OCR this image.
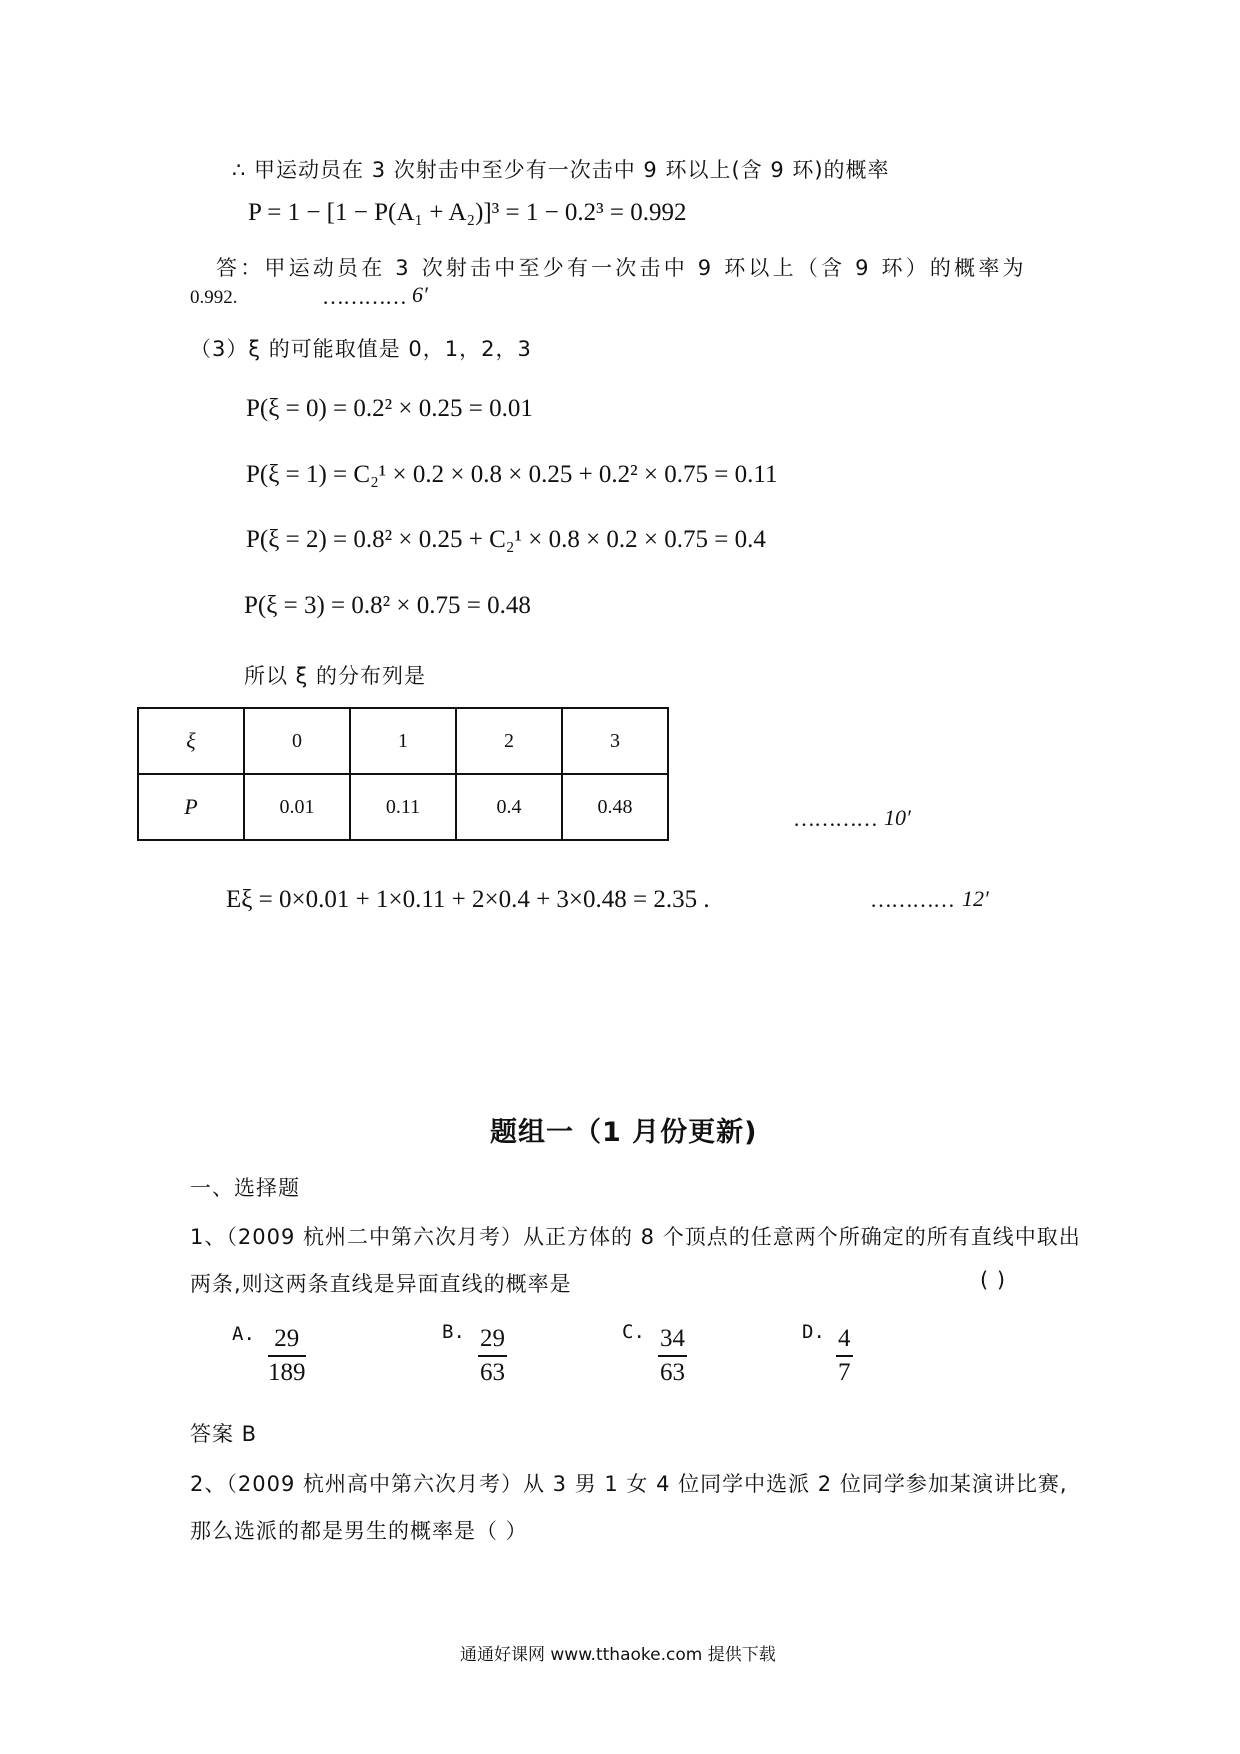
∴ 甲运动员在 3 次射击中至少有一次击中 9 环以上(含 9 环)的概率
P = 1 − [1 − P(A₁ + A₂)]³ = 1 − 0.2³ = 0.992
答：甲运动员在 3 次射击中至少有一次击中 9 环以上（含 9 环）的概率为
0.992.	………… 6′
（3）ξ 的可能取值是 0，1，2，3
P(ξ = 0) = 0.2² × 0.25 = 0.01
P(ξ = 1) = C₂¹ × 0.2 × 0.8 × 0.25 + 0.2² × 0.75 = 0.11
P(ξ = 2) = 0.8² × 0.25 + C₂¹ × 0.8 × 0.2 × 0.75 = 0.4
P(ξ = 3) = 0.8² × 0.75 = 0.48
所以 ξ 的分布列是
ξ	0	1	2	3
P	0.01	0.11	0.4	0.48	………… 10′
Eξ = 0×0.01 + 1×0.11 + 2×0.4 + 3×0.48 = 2.35 .	………… 12′
题组一（1 月份更新)
一、选择题
1、（2009 杭州二中第六次月考）从正方体的 8 个顶点的任意两个所确定的所有直线中取出
两条,则这两条直线是异面直线的概率是	( )
A. $\frac{29}{189}$	B. $\frac{29}{63}$	C. $\frac{34}{63}$	D. $\frac{4}{7}$
答案 B
2、（2009 杭州高中第六次月考）从 3 男 1 女 4 位同学中选派 2 位同学参加某演讲比赛,
那么选派的都是男生的概率是（ ）
通通好课网 www.tthaoke.com 提供下载
